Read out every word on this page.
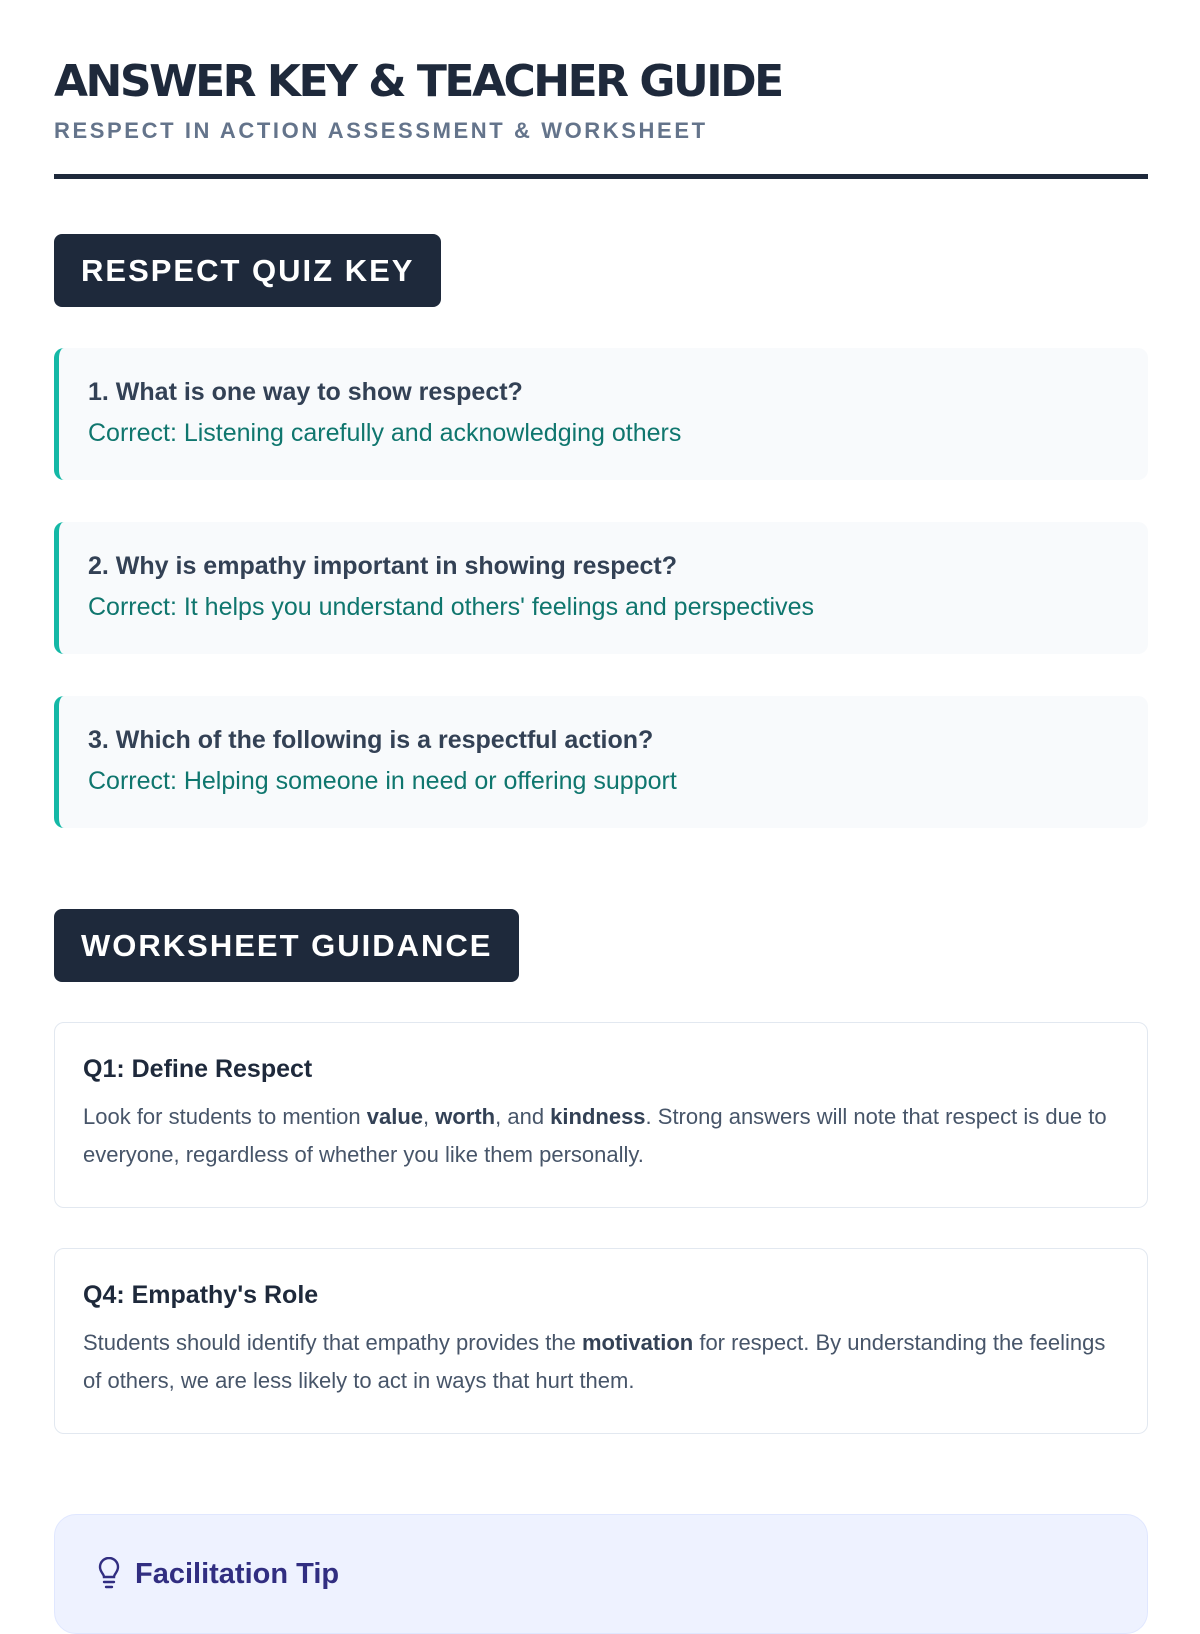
ANSWER KEY & TEACHER GUIDE
RESPECT IN ACTION ASSESSMENT & WORKSHEET
RESPECT QUIZ KEY
1. What is one way to show respect?
Correct: Listening carefully and acknowledging others
2. Why is empathy important in showing respect?
Correct: It helps you understand others' feelings and perspectives
3. Which of the following is a respectful action?
Correct: Helping someone in need or offering support
WORKSHEET GUIDANCE
Q1: Define Respect
Look for students to mention value, worth, and kindness. Strong answers will note that respect is due to everyone, regardless of whether you like them personally.
Q4: Empathy's Role
Students should identify that empathy provides the motivation for respect. By understanding the feelings of others, we are less likely to act in ways that hurt them.
Facilitation Tip
